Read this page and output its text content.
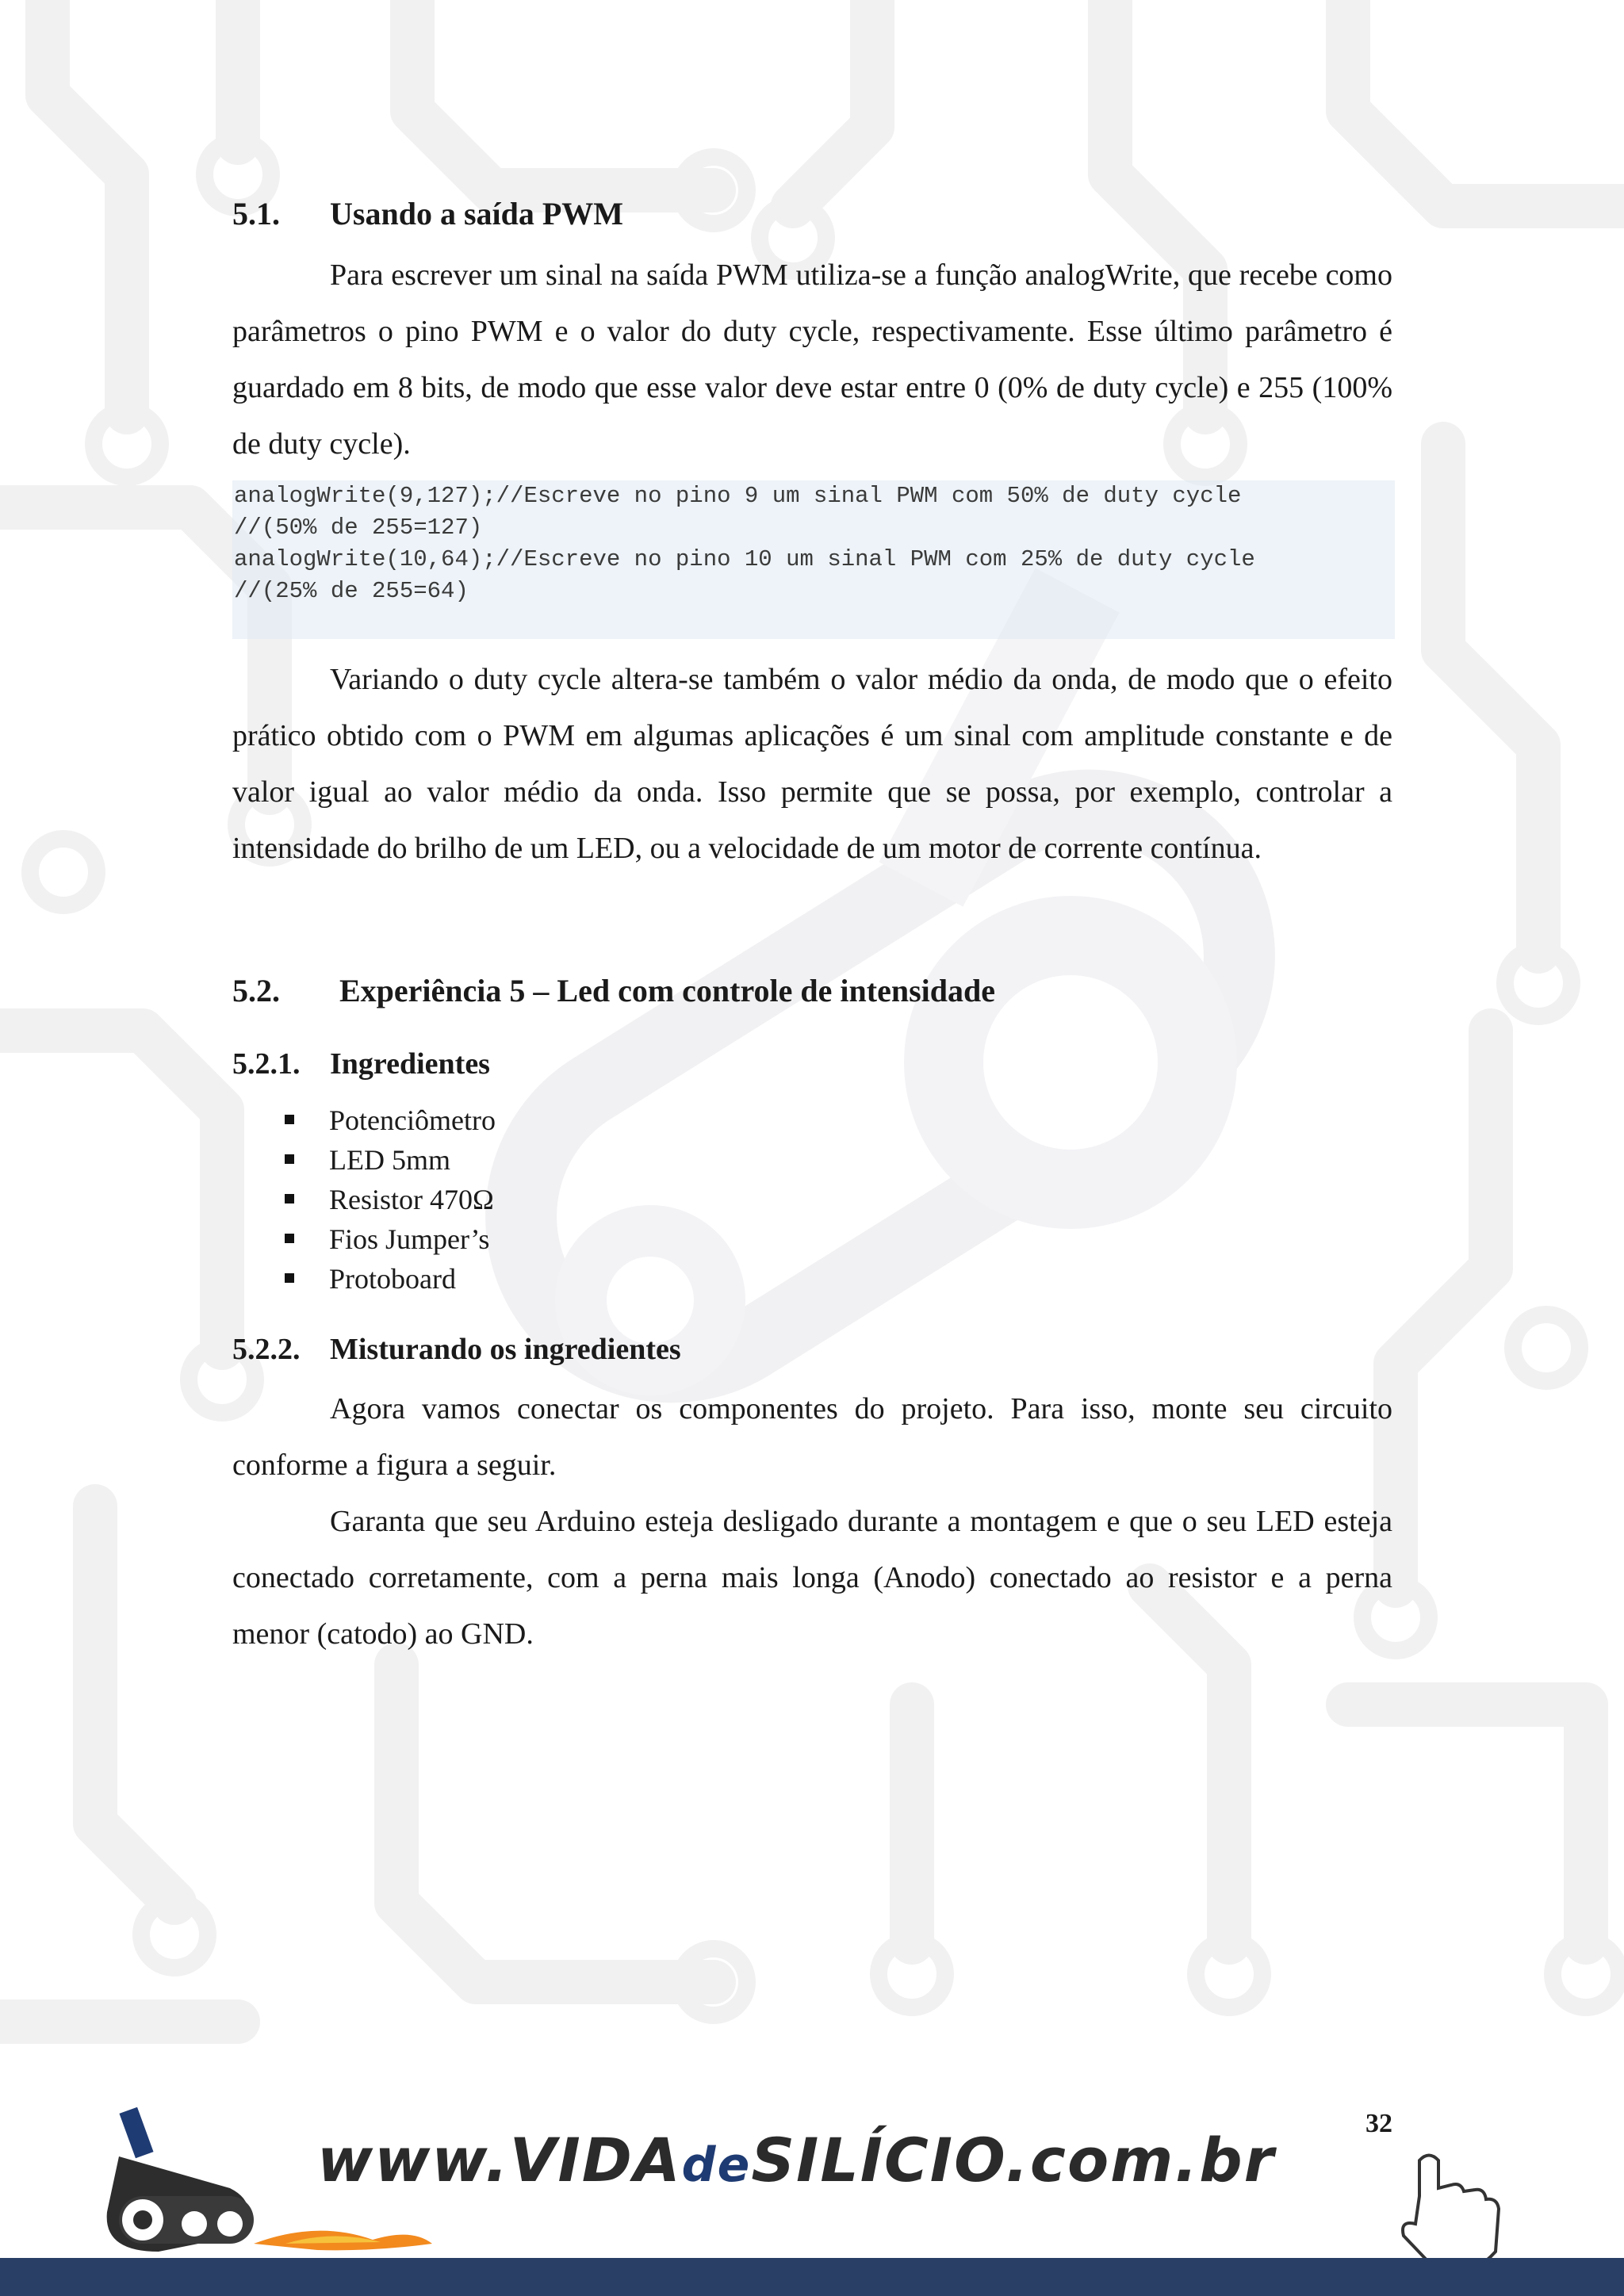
5.1. Usando a saída PWM
Para escrever um sinal na saída PWM utiliza-se a função analogWrite, que recebe como parâmetros o pino PWM e o valor do duty cycle, respectivamente. Esse último parâmetro é guardado em 8 bits, de modo que esse valor deve estar entre 0 (0% de duty cycle) e 255 (100% de duty cycle).
analogWrite(9,127);//Escreve no pino 9 um sinal PWM com 50% de duty cycle
//(50% de 255=127)
analogWrite(10,64);//Escreve no pino 10 um sinal PWM com 25% de duty cycle
//(25% de 255=64)
Variando o duty cycle altera-se também o valor médio da onda, de modo que o efeito prático obtido com o PWM em algumas aplicações é um sinal com amplitude constante e de valor igual ao valor médio da onda. Isso permite que se possa, por exemplo, controlar a intensidade do brilho de um LED, ou a velocidade de um motor de corrente contínua.
5.2. Experiência 5 – Led com controle de intensidade
5.2.1. Ingredientes
Potenciômetro
LED 5mm
Resistor 470Ω
Fios Jumper’s
Protoboard
5.2.2. Misturando os ingredientes
Agora vamos conectar os componentes do projeto. Para isso, monte seu circuito conforme a figura a seguir.
Garanta que seu Arduino esteja desligado durante a montagem e que o seu LED esteja conectado corretamente, com a perna mais longa (Anodo) conectado ao resistor e a perna menor (catodo) ao GND.
32
www.VIDAdeSILÍCIO.com.br
